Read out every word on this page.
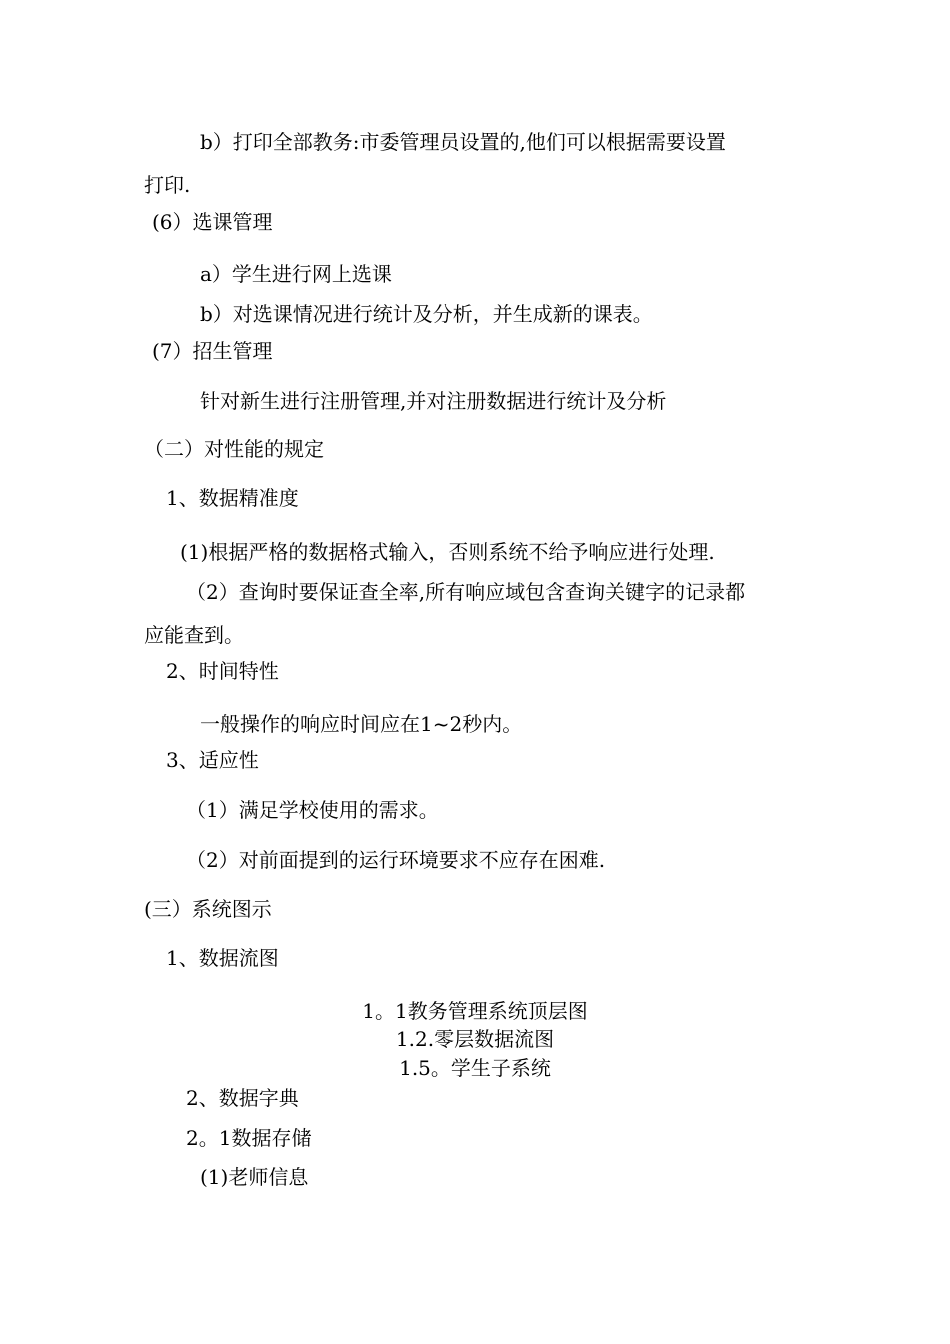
b）打印全部教务:市委管理员设置的,他们可以根据需要设置
打印.
(6）选课管理
a）学生进行网上选课
b）对选课情况进行统计及分析，并生成新的课表。
(7）招生管理
针对新生进行注册管理,并对注册数据进行统计及分析
（二）对性能的规定
1、数据精准度
(1)根据严格的数据格式输入，否则系统不给予响应进行处理.
（2）查询时要保证查全率,所有响应域包含查询关键字的记录都
应能查到。
2、时间特性
一般操作的响应时间应在1~2秒内。
3、适应性
（1）满足学校使用的需求。
（2）对前面提到的运行环境要求不应存在困难.
(三）系统图示
1、数据流图
1。1教务管理系统顶层图
1.2.零层数据流图
1.5。学生子系统
2、数据字典
2。1数据存储
(1)老师信息
